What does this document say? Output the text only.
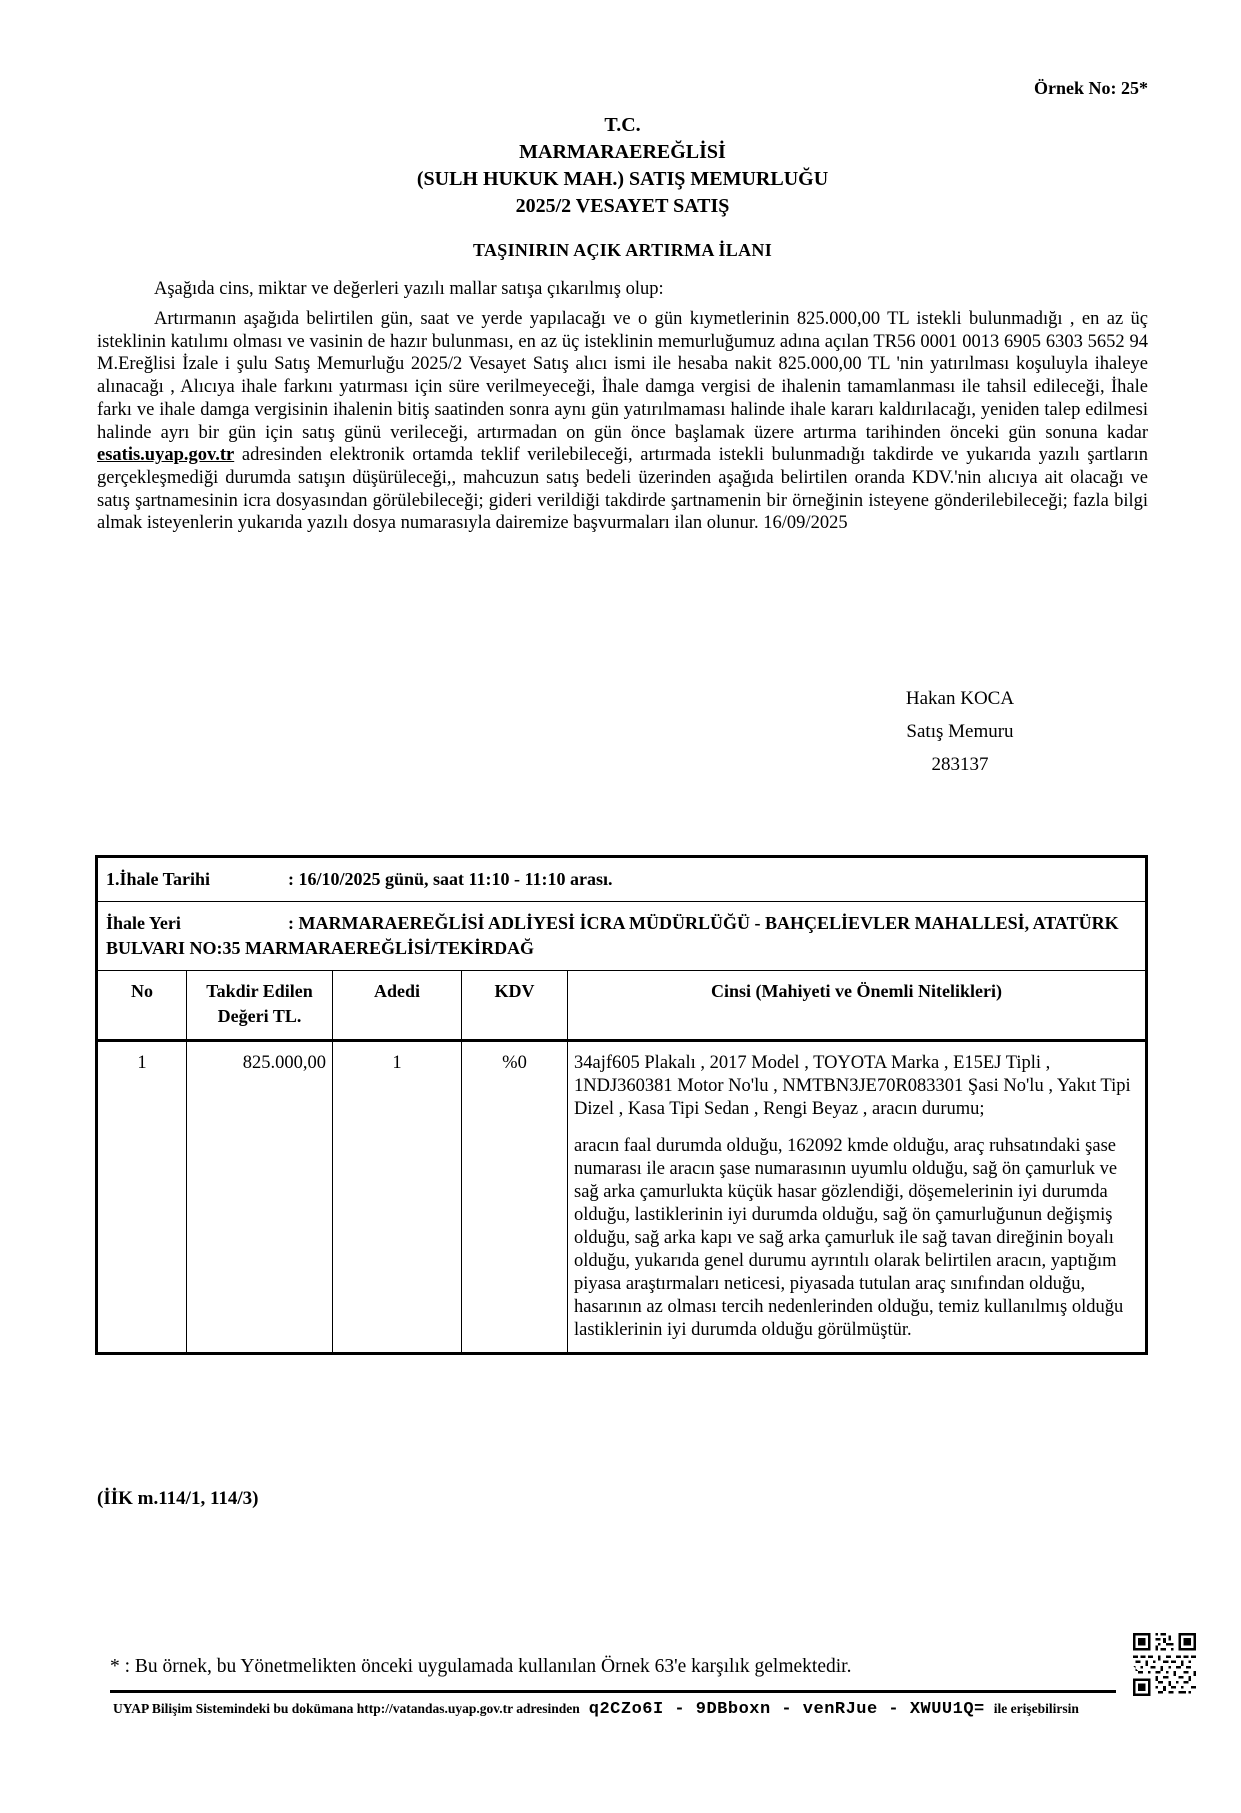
Örnek No: 25*
T.C.
MARMARAEREĞLİSİ
(SULH HUKUK MAH.) SATIŞ MEMURLUĞU
2025/2 VESAYET SATIŞ
TAŞINIRIN AÇIK ARTIRMA İLANI

Aşağıda cins, miktar ve değerleri yazılı mallar satışa çıkarılmış olup:

Artırmanın aşağıda belirtilen gün, saat ve yerde yapılacağı ve o gün kıymetlerinin 825.000,00 TL istekli bulunmadığı , en az üç isteklinin katılımı olması ve vasinin de hazır bulunması, en az üç isteklinin memurluğumuz adına açılan TR56 0001 0013 6905 6303 5652 94 M.Ereğlisi İzale i şulu Satış Memurluğu 2025/2 Vesayet Satış alıcı ismi ile hesaba nakit 825.000,00 TL 'nin yatırılması koşuluyla ihaleye alınacağı , Alıcıya ihale farkını yatırması için süre verilmeyeceği, İhale damga vergisi de ihalenin tamamlanması ile tahsil edileceği, İhale farkı ve ihale damga vergisinin ihalenin bitiş saatinden sonra aynı gün yatırılmaması halinde ihale kararı kaldırılacağı, yeniden talep edilmesi halinde ayrı bir gün için satış günü verileceği, artırmadan on gün önce başlamak üzere artırma tarihinden önceki gün sonuna kadar esatis.uyap.gov.tr adresinden elektronik ortamda teklif verilebileceği, artırmada istekli bulunmadığı takdirde ve yukarıda yazılı şartların gerçekleşmediği durumda satışın düşürüleceği,, mahcuzun satış bedeli üzerinden aşağıda belirtilen oranda KDV.'nin alıcıya ait olacağı ve satış şartnamesinin icra dosyasından görülebileceği; gideri verildiği takdirde şartnamenin bir örneğinin isteyene gönderilebileceği; fazla bilgi almak isteyenlerin yukarıda yazılı dosya numarasıyla dairemize başvurmaları ilan olunur. 16/09/2025

Hakan KOCA
Satış Memuru
283137
1.İhale Tarihi : 16/10/2025 günü, saat 11:10 - 11:10 arası.				
İhale Yeri : MARMARAEREĞLİSİ ADLİYESİ İCRA MÜDÜRLÜĞÜ - BAHÇELİEVLER MAHALLESİ, ATATÜRK BULVARI NO:35 MARMARAEREĞLİSİ/TEKİRDAĞ				
No	Takdir Edilen Değeri TL.	Adedi	KDV	Cinsi (Mahiyeti ve Önemli Nitelikleri)
1	825.000,00	1	%0	34ajf605 Plakalı , 2017 Model , TOYOTA Marka , E15EJ Tipli , 1NDJ360381 Motor No'lu , NMTBN3JE70R083301 Şasi No'lu , Yakıt Tipi Dizel , Kasa Tipi Sedan , Rengi Beyaz , aracın durumu;

aracın faal durumda olduğu, 162092 kmde olduğu, araç ruhsatındaki şase numarası ile aracın şase numarasının uyumlu olduğu, sağ ön çamurluk ve sağ arka çamurlukta küçük hasar gözlendiği, döşemelerinin iyi durumda olduğu, lastiklerinin iyi durumda olduğu, sağ ön çamurluğunun değişmiş olduğu, sağ arka kapı ve sağ arka çamurluk ile sağ tavan direğinin boyalı olduğu, yukarıda genel durumu ayrıntılı olarak belirtilen aracın, yaptığım piyasa araştırmaları neticesi, piyasada tutulan araç sınıfından olduğu, hasarının az olması tercih nedenlerinden olduğu, temiz kullanılmış olduğu lastiklerinin iyi durumda olduğu görülmüştür.

(İİK m.114/1, 114/3)
* : Bu örnek, bu Yönetmelikten önceki uygulamada kullanılan Örnek 63'e karşılık gelmektedir.
UYAP Bilişim Sistemindeki bu dokümana http://vatandas.uyap.gov.tr adresinden q2CZo6I - 9DBboxn - venRJue - XWUU1Q= ile erişebilirsin
